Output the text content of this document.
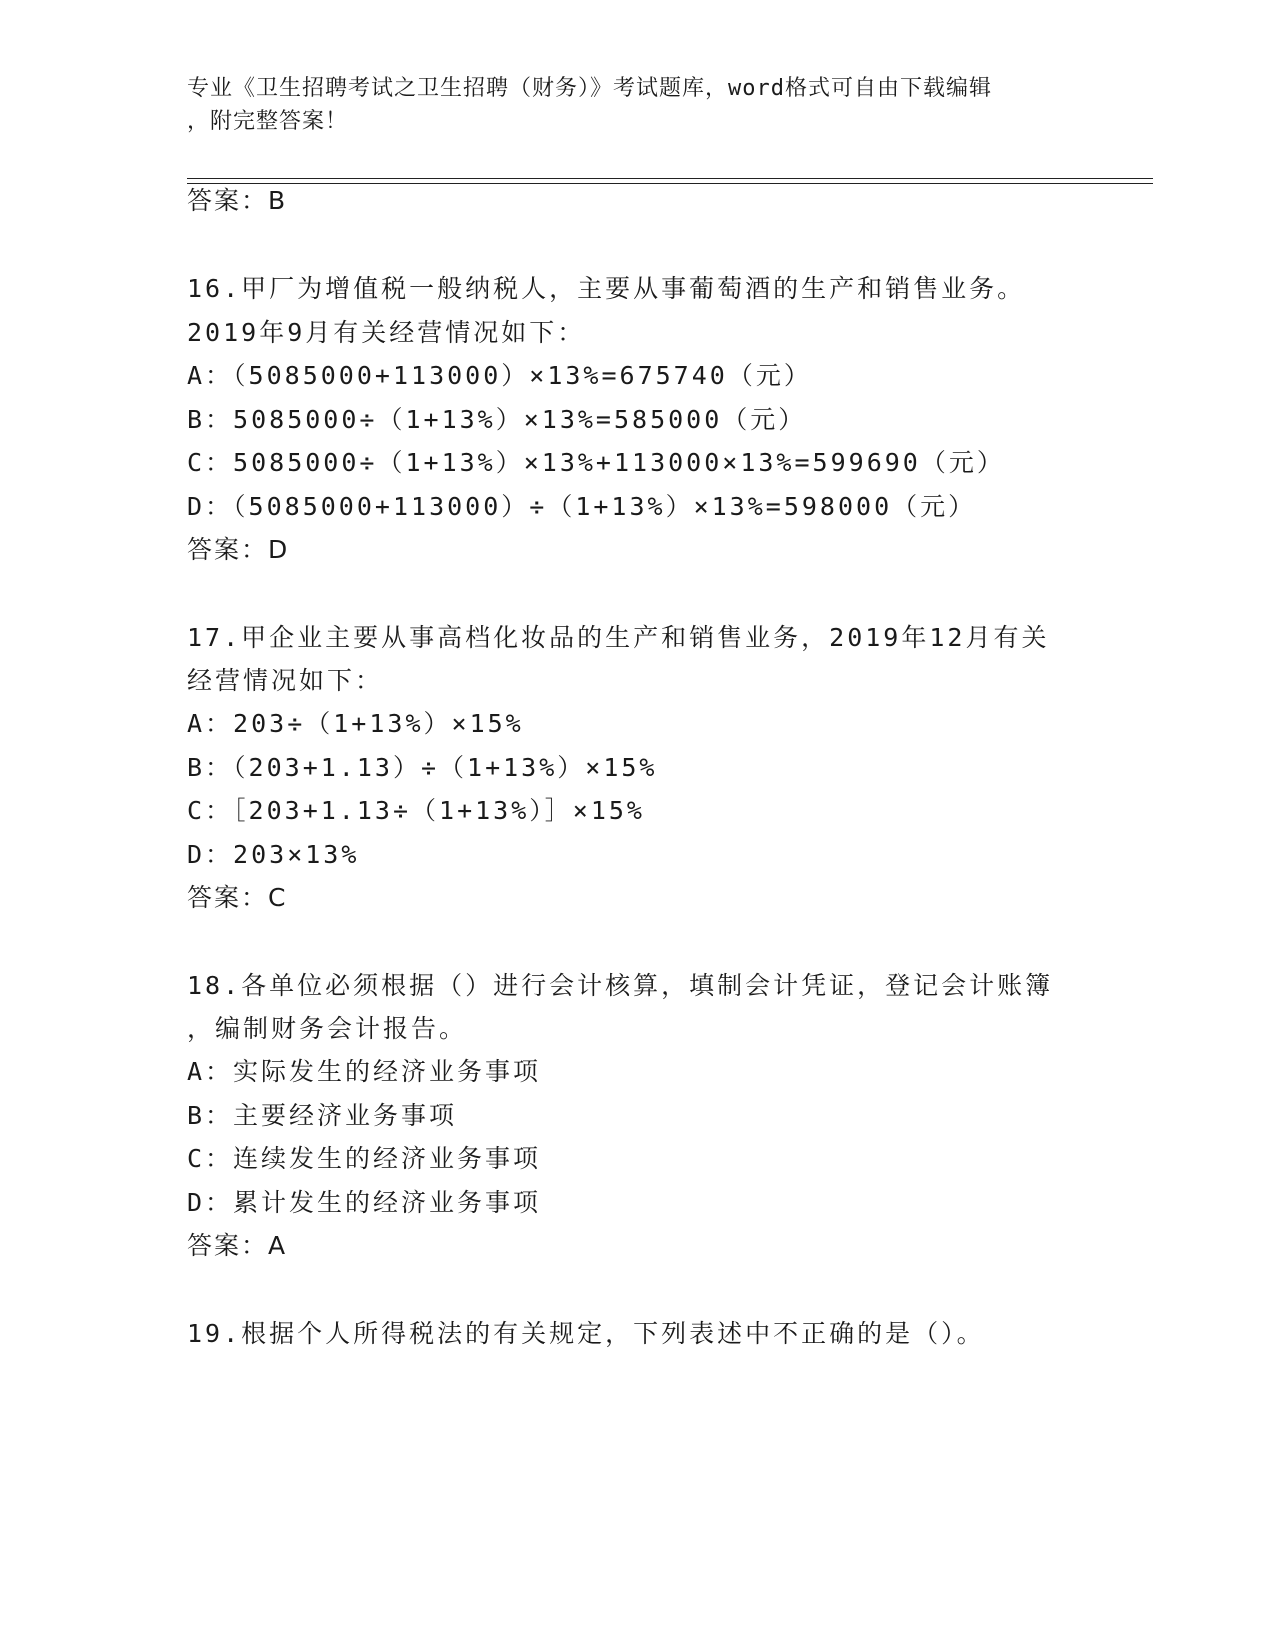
专业《卫生招聘考试之卫生招聘（财务）》考试题库，word格式可自由下载编辑
，附完整答案！
答案：B
16.甲厂为增值税一般纳税人，主要从事葡萄酒的生产和销售业务。
2019年9月有关经营情况如下：
A：（5085000+113000）×13%=675740（元）
B：5085000÷（1+13%）×13%=585000（元）
C：5085000÷（1+13%）×13%+113000×13%=599690（元）
D：（5085000+113000）÷（1+13%）×13%=598000（元）
答案：D
17.甲企业主要从事高档化妆品的生产和销售业务，2019年12月有关
经营情况如下：
A：203÷（1+13%）×15%
B：（203+1.13）÷（1+13%）×15%
C：［203+1.13÷（1+13%）］×15%
D：203×13%
答案：C
18.各单位必须根据（）进行会计核算，填制会计凭证，登记会计账簿
，编制财务会计报告。
A：实际发生的经济业务事项
B：主要经济业务事项
C：连续发生的经济业务事项
D：累计发生的经济业务事项
答案：A
19.根据个人所得税法的有关规定，下列表述中不正确的是（）。
